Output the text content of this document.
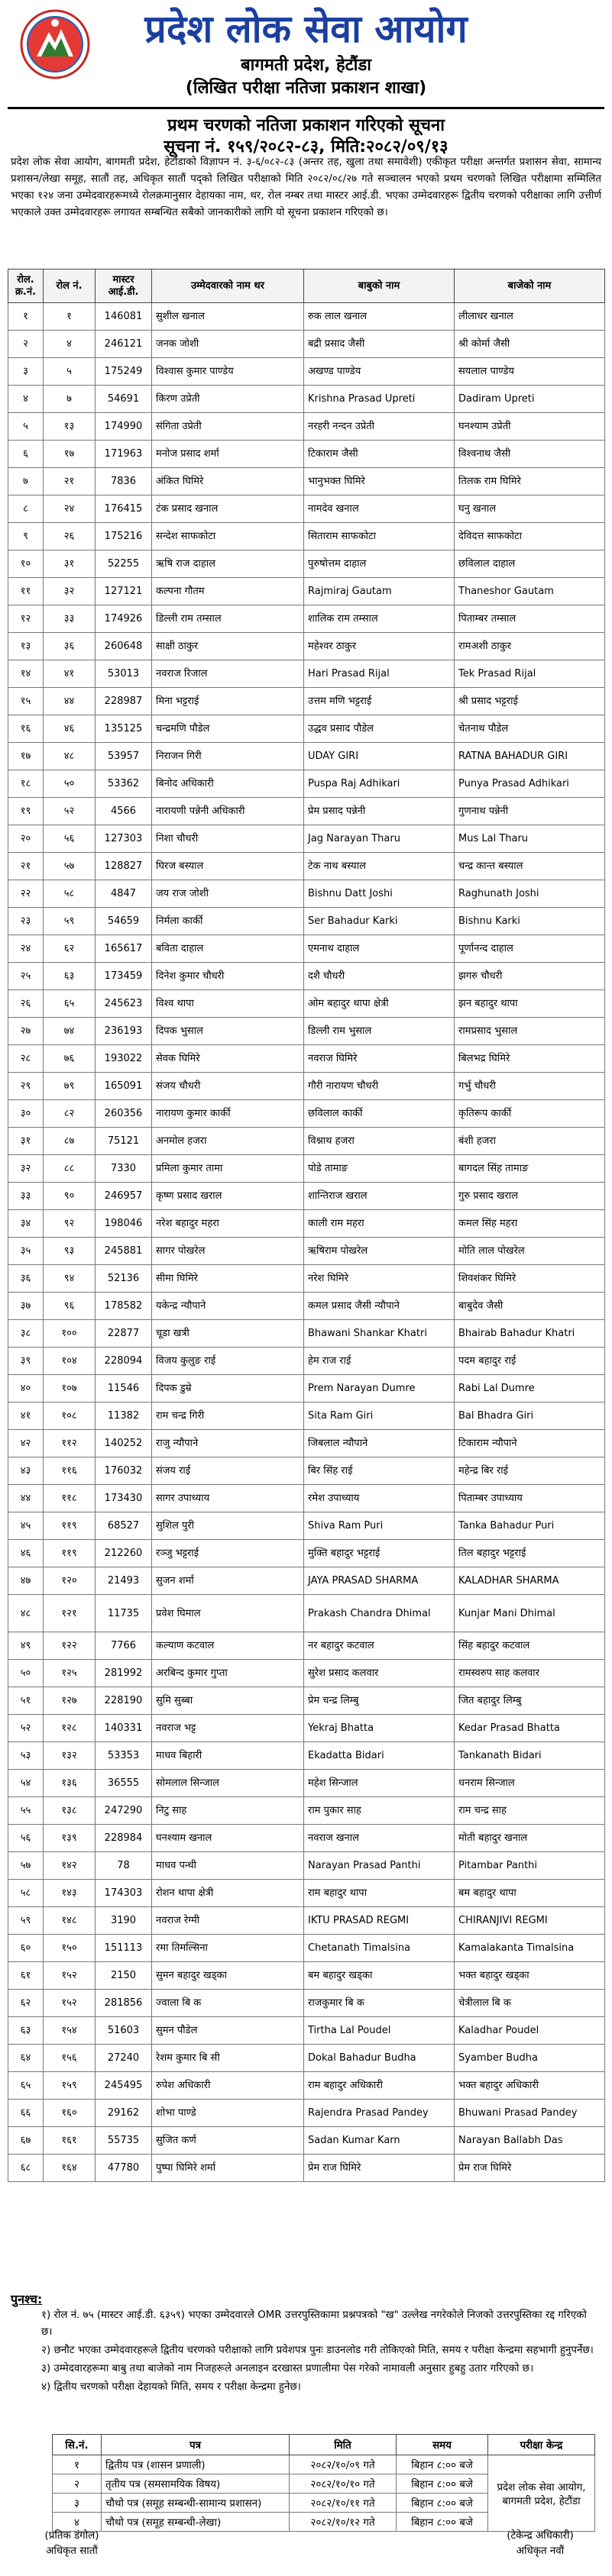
प्रदेश लोक सेवा आयोग
बागमती प्रदेश, हेटौंडा
(लिखित परीक्षा नतिजा प्रकाशन शाखा)
प्रथम चरणको नतिजा प्रकाशन गरिएको सूचना
सूचना नं. १५९/२०८२-८३, मिति:२०८२/०९/१३
प्रदेश लोक सेवा आयोग, बागमती प्रदेश, हेटौंडाको विज्ञापन नं. ३-६/०८२-८३ (अन्तर तह, खुला तथा समावेशी) एकीकृत परीक्षा अन्तर्गत प्रशासन सेवा, सामान्य प्रशासन/लेखा समूह, सातौं तह, अधिकृत सातौं पद्को लिखित परीक्षाको मिति २०८२/०८/२७ गते सञ्चालन भएको प्रथम चरणको लिखित परीक्षामा सम्मिलित भएका १२४ जना उम्मेदवारहरूमध्ये रोलक्रमानुसार देहायका नाम, थर, रोल नम्बर तथा मास्टर आई.डी. भएका उम्मेदवारहरू द्वितीय चरणको परीक्षाका लागि उत्तीर्ण भएकाले उक्त उम्मेदवारहरू लगायत सम्बन्धित सबैको जानकारीको लागि यो सूचना प्रकाशन गरिएको छ।
रोल. क्र.नं.	रोल नं.	मास्टर आई.डी.	उम्मेदवारको नाम थर	बाबुको नाम	बाजेको नाम
१	१	146081	सुशील खनाल	रुक लाल खनाल	लीलाधर खनाल
२	४	246121	जनक जोशी	बद्री प्रसाद जैसी	श्री कोर्मा जैसी
३	५	175249	विश्वास कुमार पाण्डेय	अखण्ड पाण्डेय	सयलाल पाण्डेय
४	७	54691	किरण उप्रेती	Krishna Prasad Upreti	Dadiram Upreti
५	१३	174990	संगिता उप्रेती	नरहरी नन्दन उप्रेती	घनश्याम उप्रेती
६	१७	171963	मनोज प्रसाद शर्मा	टिकाराम जैसी	विश्वनाथ जैसी
७	२१	7836	अंकित घिमिरे	भानुभक्त घिमिरे	तिलक राम घिमिरे
८	२४	176415	टंक प्रसाद खनाल	नामदेव खनाल	घनु खनाल
९	२६	175216	सन्देश साफकोटा	सिताराम साफकोटा	देविदत्त साफकोटा
१०	३१	52255	ऋषि राज दाहाल	पुरुषोत्तम दाहाल	छविलाल दाहाल
११	३२	127121	कल्पना गौतम	Rajmiraj Gautam	Thaneshor Gautam
१२	३३	174926	डिल्ली राम तम्साल	शालिक राम तम्साल	पिताम्बर तम्साल
१३	३६	260648	साक्षी ठाकुर	महेश्वर ठाकुर	रामअशी ठाकुर
१४	४१	53013	नवराज रिजाल	Hari Prasad Rijal	Tek Prasad Rijal
१५	४४	228987	मिना भट्टराई	उत्तम मणि भट्टराई	श्री प्रसाद भट्टराई
१६	४६	135125	चन्द्रमणि पौडेल	उद्धव प्रसाद पौडेल	चेतनाथ पौडेल
१७	४८	53957	निराजन गिरी	UDAY GIRI	RATNA BAHADUR GIRI
१८	५०	53362	बिनोद अधिकारी	Puspa Raj Adhikari	Punya Prasad Adhikari
१९	५२	4566	नारायणी पन्नेनी अधिकारी	प्रेम प्रसाद पन्नेनी	गुणनाथ पन्नेनी
२०	५६	127303	निशा चौधरी	Jag Narayan Tharu	Mus Lal Tharu
२१	५७	128827	घिरज बस्याल	टेक नाथ बस्याल	चन्द्र कान्त बस्याल
२२	५८	4847	जय राज जोशी	Bishnu Datt Joshi	Raghunath Joshi
२३	५९	54659	निर्मला कार्की	Ser Bahadur Karki	Bishnu Karki
२४	६२	165617	बविता दाहाल	एमनाथ दाहाल	पूर्णानन्द दाहाल
२५	६३	173459	दिनेश कुमार चौधरी	दशै चौधरी	झगरु चौधरी
२६	६५	245623	विश्व थापा	ओम बहादुर थापा क्षेत्री	झन बहादुर थापा
२७	७४	236193	दिपक भुसाल	डिल्ली राम भुसाल	रामप्रसाद भुसाल
२८	७६	193022	सेवक घिमिरे	नवराज घिमिरे	बिलभद्र घिमिरे
२९	७९	165091	संजय चौधरी	गौरी नारायण चौधरी	गर्भु चौधरी
३०	८२	260356	नारायण कुमार कार्की	छविलाल कार्की	कृतिरूप कार्की
३१	८७	75121	अनमोल हजरा	विश्नाथ हजरा	बंशी हजरा
३२	८८	7330	प्रमिला कुमार तामा	पोडे तामाङ	बागदल सिंह तामाङ
३३	९०	246957	कृष्ण प्रसाद खराल	शान्तिराज खराल	गुरु प्रसाद खराल
३४	९२	198046	नरेश बहादुर महरा	काली राम महरा	कमल सिंह महरा
३५	९३	245881	सागर पोखरेल	ऋषिराम पोखरेल	मोति लाल पोखरेल
३६	९४	52136	सीमा घिमिरे	नरेश घिमिरे	शिवशंकर घिमिरे
३७	९६	178582	यकेन्द्र न्यौपाने	कमल प्रसाद जैसी न्यौपाने	बाबुदेव जैसी
३८	१००	22877	चूडा खत्री	Bhawani Shankar Khatri	Bhairab Bahadur Khatri
३९	१०४	228094	विजय कुलुङ राई	हेम राज राई	पदम बहादुर राई
४०	१०७	11546	दिपक डुम्रे	Prem Narayan Dumre	Rabi Lal Dumre
४१	१०८	11382	राम चन्द्र गिरी	Sita Ram Giri	Bal Bhadra Giri
४२	११२	140252	राजु न्यौपाने	जिबलाल न्यौपाने	टिकाराम न्यौपाने
४३	११६	176032	संजय राई	बिर सिंह राई	महेन्द्र बिर राई
४४	११८	173430	सागर उपाध्याय	रमेश उपाध्याय	पिताम्बर उपाध्याय
४५	११९	68527	सुशिल पुरी	Shiva Ram Puri	Tanka Bahadur Puri
४६	११९	212260	रञ्जु भट्टराई	मुक्ति बहादुर भट्टराई	तिल बहादुर भट्टराई
४७	१२०	21493	सुजन शर्मा	JAYA PRASAD SHARMA	KALADHAR SHARMA
४८	१२१	11735	प्रवेश घिमाल	Prakash Chandra Dhimal	Kunjar Mani Dhimal
४९	१२२	7766	कल्याण कटवाल	नर बहादुर कटवाल	सिंह बहादुर कटवाल
५०	१२५	281992	अरबिन्द कुमार गुप्ता	सुरेश प्रसाद कलवार	रामस्वरुप साह कलवार
५१	१२७	228190	सुमि सुब्बा	प्रेम चन्द्र लिम्बु	जित बहादुर लिम्बु
५२	१२८	140331	नवराज भट्ट	Yekraj Bhatta	Kedar Prasad Bhatta
५३	१३२	53353	माधव बिहारी	Ekadatta Bidari	Tankanath Bidari
५४	१३६	36555	सोमलाल सिन्जाल	महेश सिन्जाल	धनराम सिन्जाल
५५	१३८	247290	निटु साह	राम पुकार साह	राम चन्द्र साह
५६	१३९	228984	घनश्याम खनाल	नवराज खनाल	मोती बहादुर खनाल
५७	१४२	78	माधव पन्थी	Narayan Prasad Panthi	Pitambar Panthi
५८	१४३	174303	रोशन थापा क्षेत्री	राम बहादुर थापा	बम बहादुर थापा
५९	१४८	3190	नवराज रेग्मी	IKTU PRASAD REGMI	CHIRANJIVI REGMI
६०	१५०	151113	रमा तिमल्सिना	Chetanath Timalsina	Kamalakanta Timalsina
६१	१५२	2150	सुमन बहादुर खड्का	बम बहादुर खड्का	भक्त बहादुर खड्का
६२	१५२	281856	ज्वाला बि क	राजकुमार बि क	चेत्रीलाल बि क
६३	१५४	51603	सुमन पौडेल	Tirtha Lal Poudel	Kaladhar Poudel
६४	१५६	27240	रेशम कुमार बि सी	Dokal Bahadur Budha	Syamber Budha
६५	१५९	245495	रुपेश अधिकारी	राम बहादुर अधिकारी	भक्त बहादुर अधिकारी
६६	१६०	29162	शोभा पाण्डे	Rajendra Prasad Pandey	Bhuwani Prasad Pandey
६७	१६१	55735	सुजित कर्ण	Sadan Kumar Karn	Narayan Ballabh Das
६८	१६४	47780	पुष्पा घिमिरे शर्मा	प्रेम राज घिमिरे	प्रेम राज घिमिरे
पुनश्च:
१) रोल नं. ७५ (मास्टर आई.डी. ६३५९) भएका उम्मेदवारले OMR उत्तरपुस्तिकामा प्रश्नपत्रको "ख" उल्लेख नगरेकोले निजको उत्तरपुस्तिका रद्द गरिएको छ।
२) छनौट भएका उम्मेदवारहरूले द्वितीय चरणको परीक्षाको लागि प्रवेशपत्र पुनः डाउनलोड गरी तोकिएको मिति, समय र परीक्षा केन्द्रमा सहभागी हुनुपर्नेछ।
३) उम्मेदवारहरूमा बाबु तथा बाजेको नाम निजहरूले अनलाइन दरखास्त प्रणालीमा पेस गरेको नामावली अनुसार हुबहु उतार गरिएको छ।
४) द्वितीय चरणको परीक्षा देहायको मिति, समय र परीक्षा केन्द्रमा हुनेछ।
सि.नं.	पत्र	मिति	समय	परीक्षा केन्द्र
१	द्वितीय पत्र (शासन प्रणाली)	२०८२/१०/०९ गते	बिहान ८:०० बजे	प्रदेश लोक सेवा आयोग, बागमती प्रदेश, हेटौंडा
२	तृतीय पत्र (समसामयिक विषय)	२०८२/१०/१० गते	बिहान ८:०० बजे	
३	चौथो पत्र (समूह सम्बन्धी-सामान्य प्रशासन)	२०८२/१०/११ गते	बिहान ८:०० बजे	
४	चौथो पत्र (समूह सम्बन्धी-लेखा)	२०८२/१०/१२ गते	बिहान ८:०० बजे	
(प्रतिक डंगोल)
अधिकृत सातौं
(टेकेन्द्र अधिकारी)
अधिकृत नवौं
